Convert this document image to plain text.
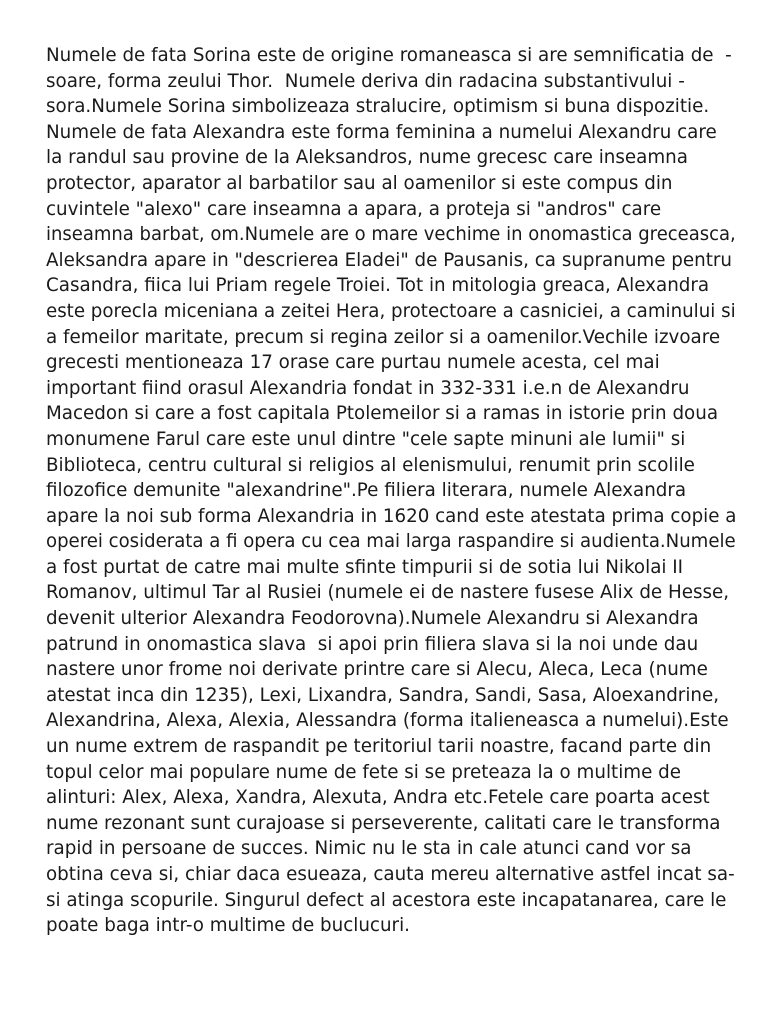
Numele de fata Sorina este de origine romaneasca si are semnificatia de  -
soare, forma zeului Thor.  Numele deriva din radacina substantivului -
sora.Numele Sorina simbolizeaza stralucire, optimism si buna dispozitie.
Numele de fata Alexandra este forma feminina a numelui Alexandru care
la randul sau provine de la Aleksandros, nume grecesc care inseamna
protector, aparator al barbatilor sau al oamenilor si este compus din
cuvintele "alexo" care inseamna a apara, a proteja si "andros" care
inseamna barbat, om.Numele are o mare vechime in onomastica greceasca,
Aleksandra apare in "descrierea Eladei" de Pausanis, ca supranume pentru
Casandra, fiica lui Priam regele Troiei. Tot in mitologia greaca, Alexandra
este porecla miceniana a zeitei Hera, protectoare a casniciei, a caminului si
a femeilor maritate, precum si regina zeilor si a oamenilor.Vechile izvoare
grecesti mentioneaza 17 orase care purtau numele acesta, cel mai
important fiind orasul Alexandria fondat in 332-331 i.e.n de Alexandru
Macedon si care a fost capitala Ptolemeilor si a ramas in istorie prin doua
monumene Farul care este unul dintre "cele sapte minuni ale lumii" si
Biblioteca, centru cultural si religios al elenismului, renumit prin scolile
filozofice demunite "alexandrine".Pe filiera literara, numele Alexandra
apare la noi sub forma Alexandria in 1620 cand este atestata prima copie a
operei cosiderata a fi opera cu cea mai larga raspandire si audienta.Numele
a fost purtat de catre mai multe sfinte timpurii si de sotia lui Nikolai II
Romanov, ultimul Tar al Rusiei (numele ei de nastere fusese Alix de Hesse,
devenit ulterior Alexandra Feodorovna).Numele Alexandru si Alexandra
patrund in onomastica slava  si apoi prin filiera slava si la noi unde dau
nastere unor frome noi derivate printre care si Alecu, Aleca, Leca (nume
atestat inca din 1235), Lexi, Lixandra, Sandra, Sandi, Sasa, Aloexandrine,
Alexandrina, Alexa, Alexia, Alessandra (forma italieneasca a numelui).Este
un nume extrem de raspandit pe teritoriul tarii noastre, facand parte din
topul celor mai populare nume de fete si se preteaza la o multime de
alinturi: Alex, Alexa, Xandra, Alexuta, Andra etc.Fetele care poarta acest
nume rezonant sunt curajoase si perseverente, calitati care le transforma
rapid in persoane de succes. Nimic nu le sta in cale atunci cand vor sa
obtina ceva si, chiar daca esueaza, cauta mereu alternative astfel incat sa-
si atinga scopurile. Singurul defect al acestora este incapatanarea, care le
poate baga intr-o multime de buclucuri.
